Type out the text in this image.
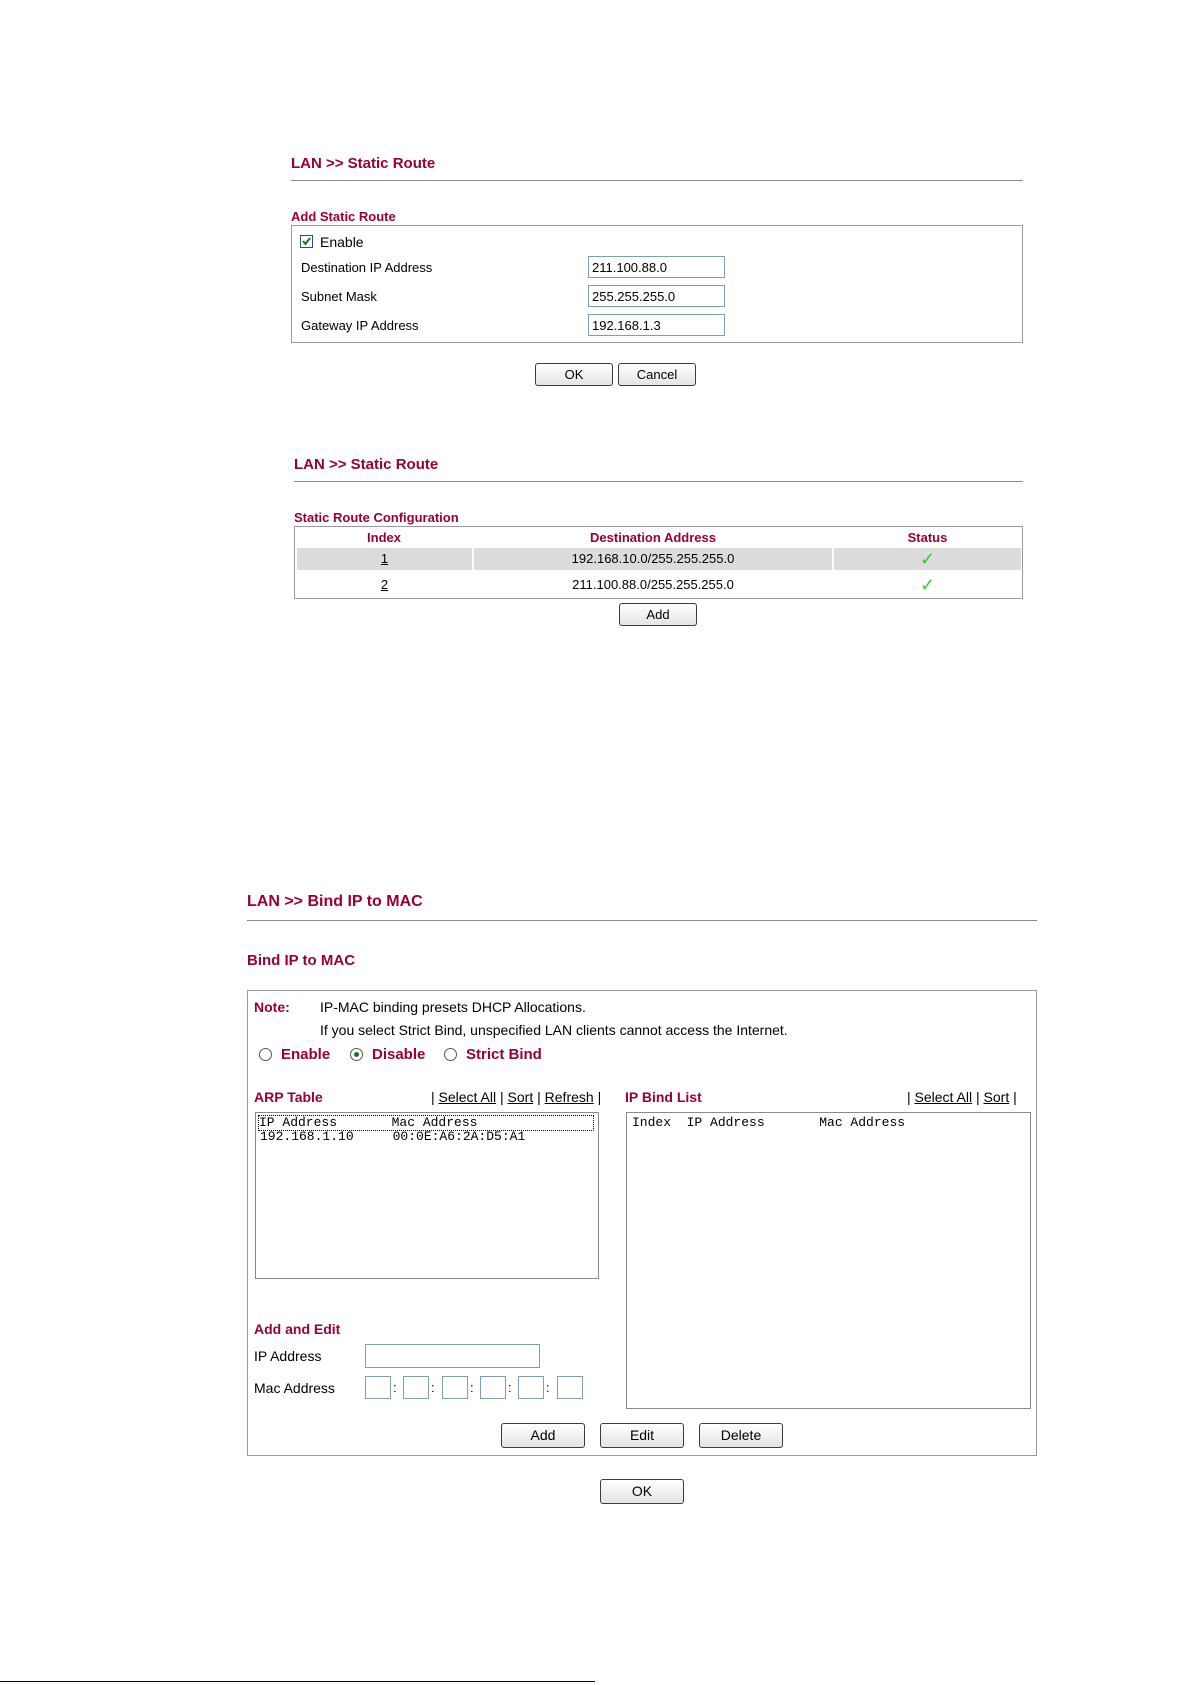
LAN >> Static Route
Add Static Route
Enable
Destination IP Address
211.100.88.0
Subnet Mask
255.255.255.0
Gateway IP Address
192.168.1.3
OK	Cancel
LAN >> Static Route
Static Route Configuration
Index	Destination Address	Status
1	192.168.10.0/255.255.255.0	✓
2	211.100.88.0/255.255.255.0	✓
Add
LAN >> Bind IP to MAC
Bind IP to MAC
Note: IP-MAC binding presets DHCP Allocations.
If you select Strict Bind, unspecified LAN clients cannot access the Internet.
Enable	Disable	Strict Bind
ARP Table	| Select All | Sort | Refresh | IP Bind List	| Select All | Sort |
IP Address       Mac Address
192.168.1.10     00:0E:A6:2A:D5:A1
Index  IP Address       Mac Address
Add and Edit
IP Address
Mac Address	:	:	:	:	:
Add	Edit	Delete
OK
